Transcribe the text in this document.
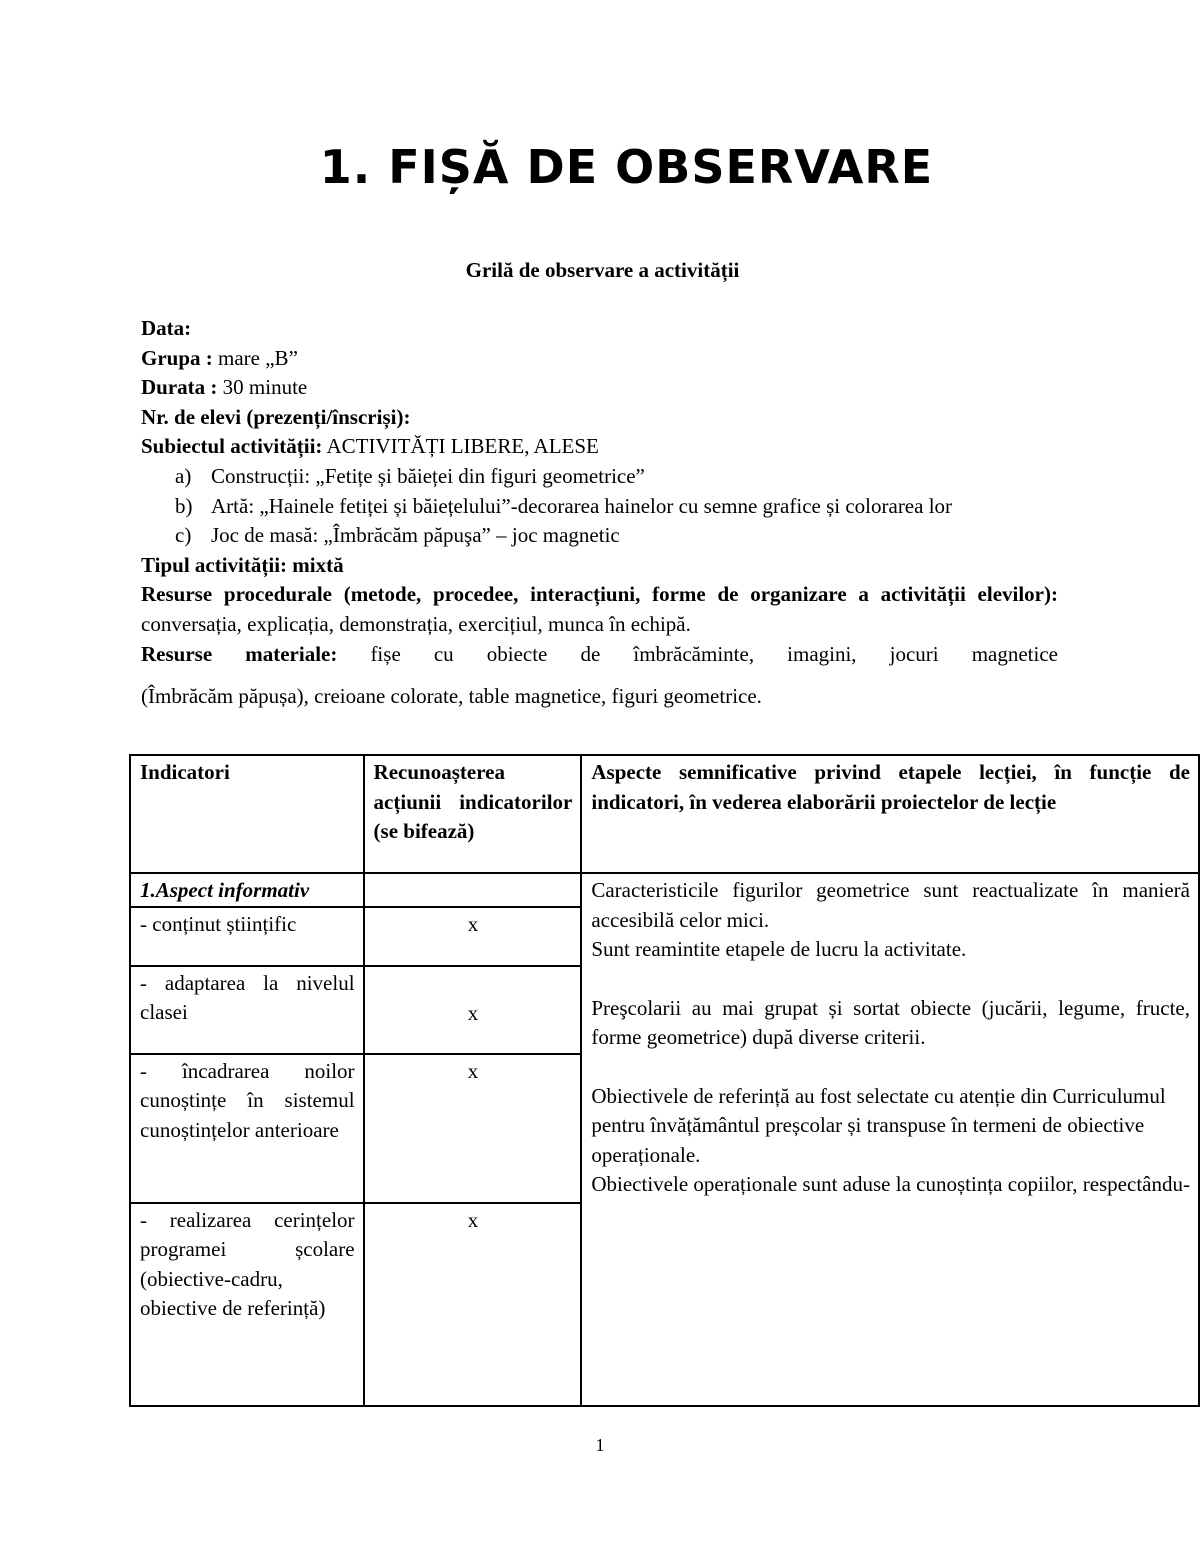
1. FIȘĂ DE OBSERVARE
Grilă de observare a activității

Data:

Grupa : mare „B”

Durata : 30 minute

Nr. de elevi (prezenți/înscriși):

Subiectul activității: ACTIVITĂȚI LIBERE, ALESE

a) Construcții: „Fetițe și băieței din figuri geometrice”
b) Artă: „Hainele fetiței și băiețelului”-decorarea hainelor cu semne grafice și colorarea lor
c) Joc de masă: „Îmbrăcăm păpuşa” – joc magnetic

Tipul activității: mixtă

Resurse procedurale (metode, procedee, interacțiuni, forme de organizare a activității elevilor): conversația, explicația, demonstrația, exercițiul, munca în echipă.

Resurse materiale: fișe cu obiecte de îmbrăcăminte, imagini, jocuri magnetice

(Îmbrăcăm păpușa), creioane colorate, table magnetice, figuri geometrice.

Indicatori	Recunoașterea acțiunii indicatorilor (se bifează)	Aspecte semnificative privind etapele lecției, în funcție de indicatori, în vederea elaborării proiectelor de lecție
1.Aspect informativ		Caracteristicile figurilor geometrice sunt reactualizate în manieră accesibilă celor mici.
Sunt reamintite etapele de lucru la activitate.
Preşcolarii au mai grupat și sortat obiecte (jucării, legume, fructe, forme geometrice) după diverse criterii.
Obiectivele de referință au fost selectate cu atenție din Curriculumul pentru învățământul preșcolar și transpuse în termeni de obiective operaționale.
Obiectivele operaționale sunt aduse la cunoștința copiilor, respectându-

- conținut științific	x	
- adaptarea la nivelul clasei	x	
- încadrarea noilor cunoștințe în sistemul cunoștințelor anterioare	x	
- realizarea cerințelor programei școlare (obiective-cadru, obiective de referință)	x	
1
